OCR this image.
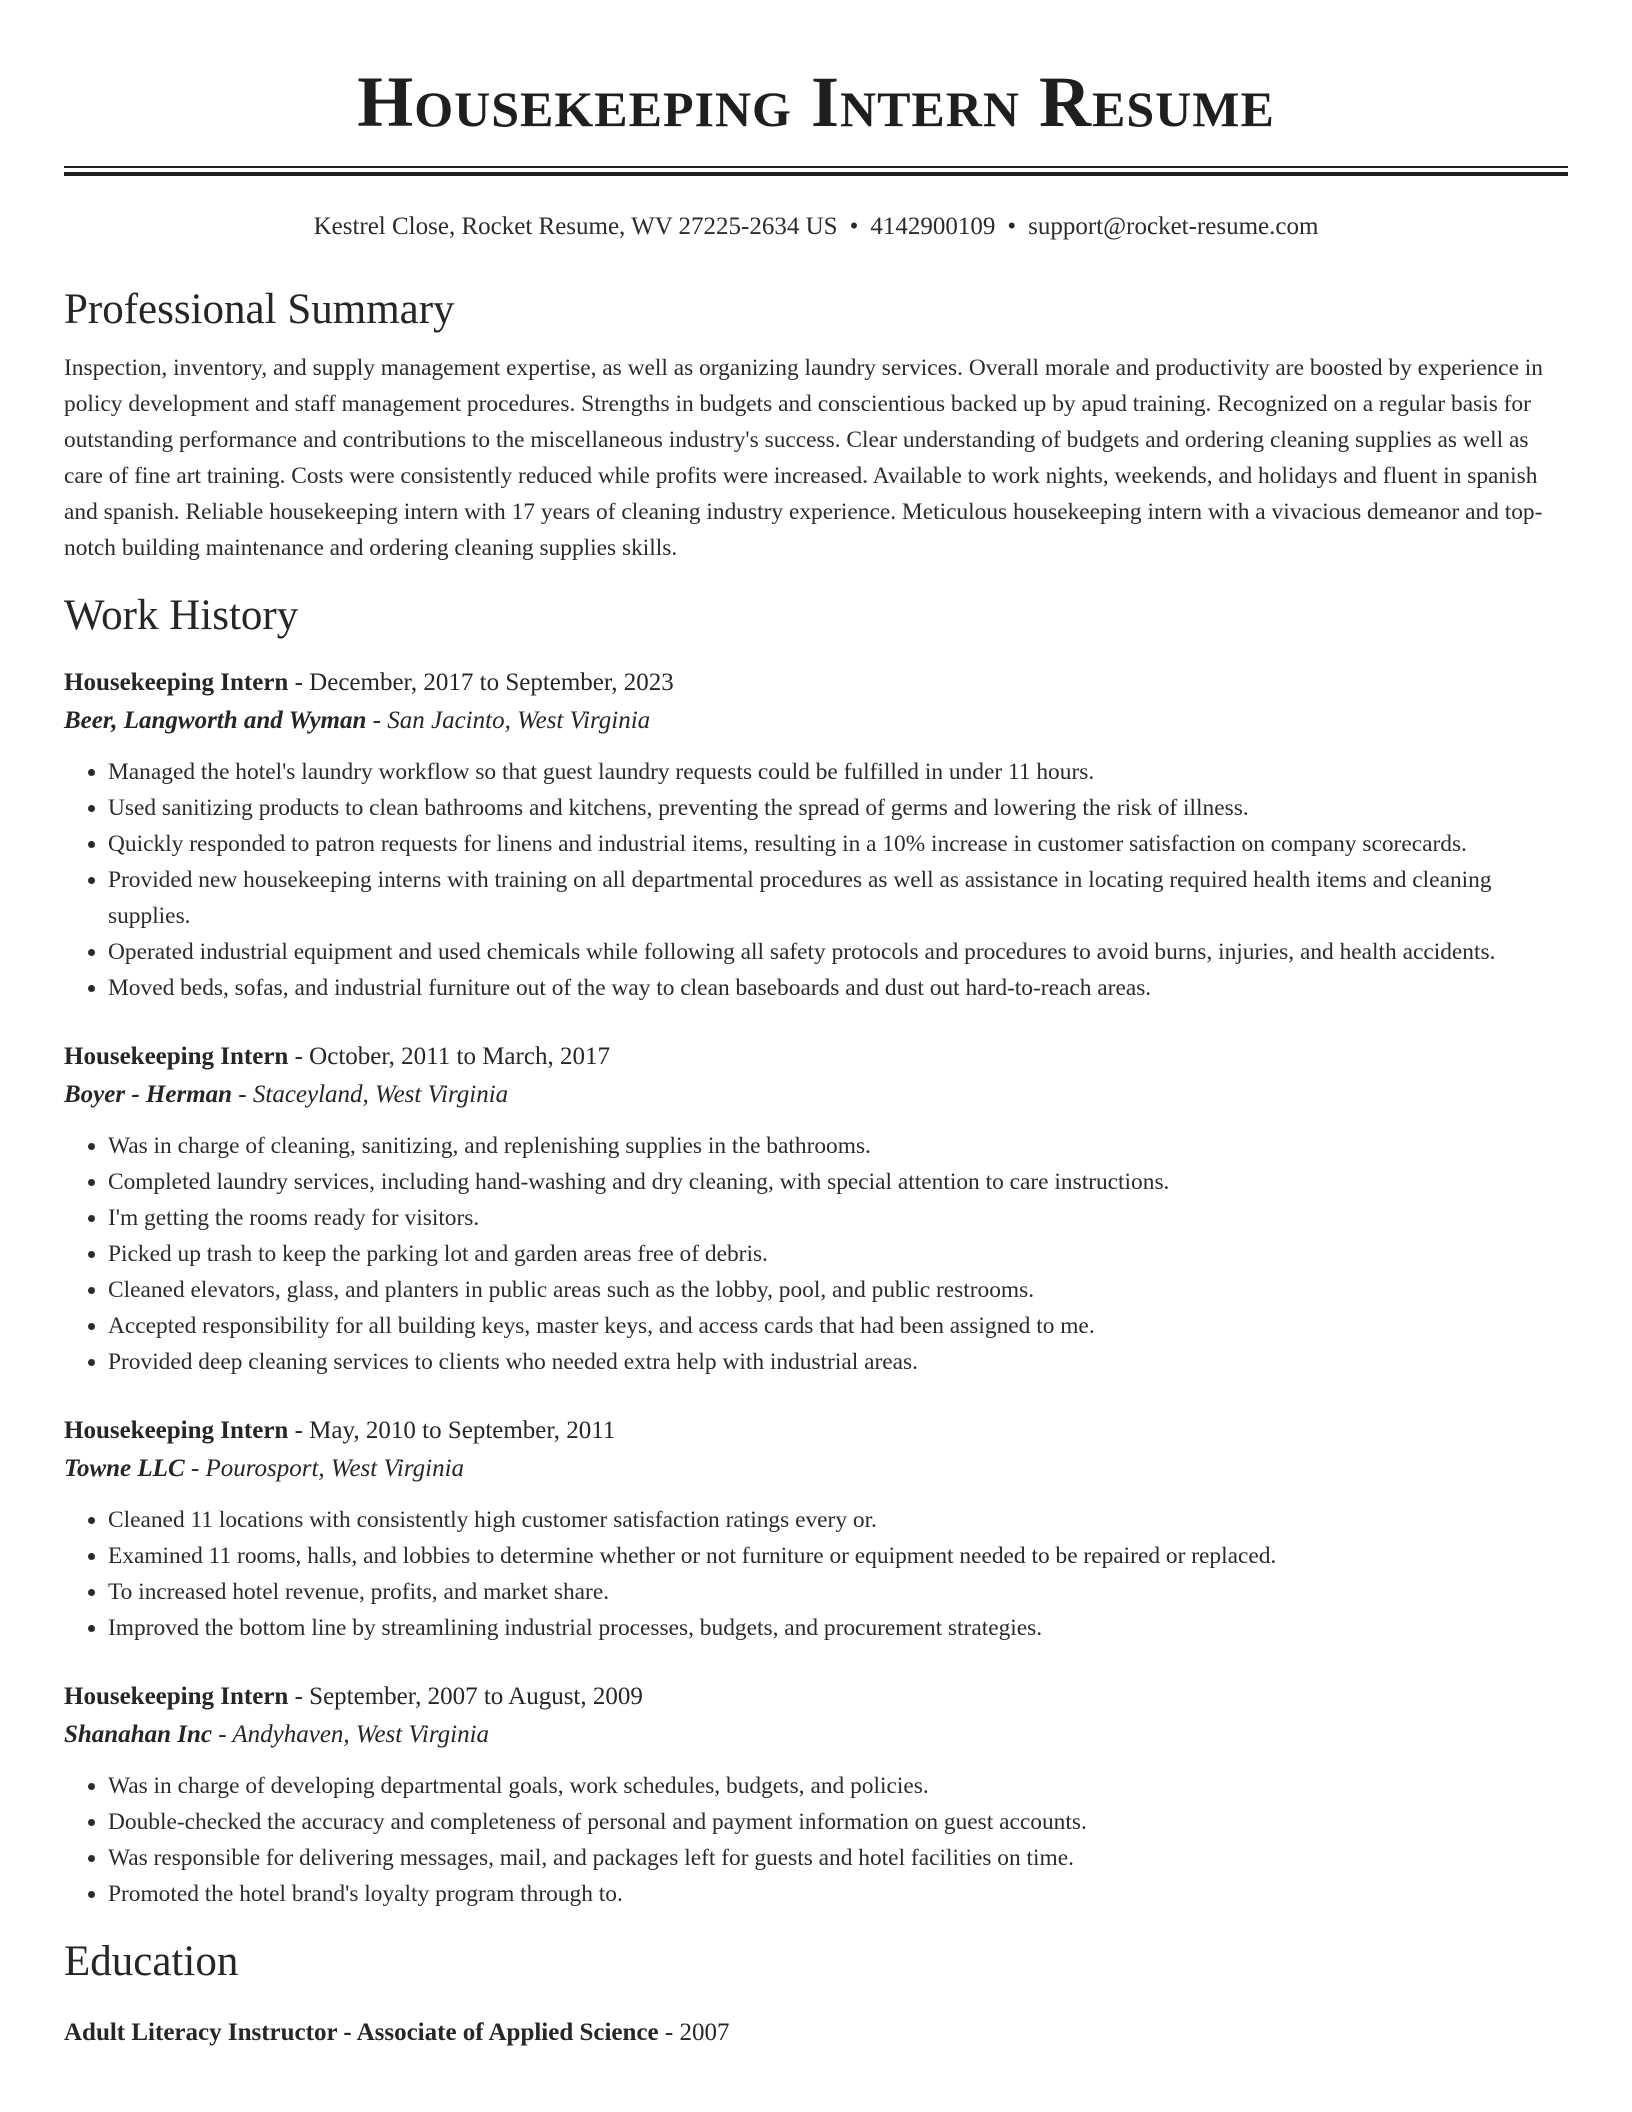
Housekeeping Intern Resume
Kestrel Close, Rocket Resume, WV 27225-2634 US • 4142900109 • support@rocket-resume.com
Professional Summary
Inspection, inventory, and supply management expertise, as well as organizing laundry services. Overall morale and productivity are boosted by experience in policy development and staff management procedures. Strengths in budgets and conscientious backed up by apud training. Recognized on a regular basis for outstanding performance and contributions to the miscellaneous industry's success. Clear understanding of budgets and ordering cleaning supplies as well as care of fine art training. Costs were consistently reduced while profits were increased. Available to work nights, weekends, and holidays and fluent in spanish and spanish. Reliable housekeeping intern with 17 years of cleaning industry experience. Meticulous housekeeping intern with a vivacious demeanor and top-notch building maintenance and ordering cleaning supplies skills.
Work History
Housekeeping Intern - December, 2017 to September, 2023
Beer, Langworth and Wyman - San Jacinto, West Virginia
• Managed the hotel's laundry workflow so that guest laundry requests could be fulfilled in under 11 hours.
• Used sanitizing products to clean bathrooms and kitchens, preventing the spread of germs and lowering the risk of illness.
• Quickly responded to patron requests for linens and industrial items, resulting in a 10% increase in customer satisfaction on company scorecards.
• Provided new housekeeping interns with training on all departmental procedures as well as assistance in locating required health items and cleaning supplies.
• Operated industrial equipment and used chemicals while following all safety protocols and procedures to avoid burns, injuries, and health accidents.
• Moved beds, sofas, and industrial furniture out of the way to clean baseboards and dust out hard-to-reach areas.
Housekeeping Intern - October, 2011 to March, 2017
Boyer - Herman - Staceyland, West Virginia
• Was in charge of cleaning, sanitizing, and replenishing supplies in the bathrooms.
• Completed laundry services, including hand-washing and dry cleaning, with special attention to care instructions.
• I'm getting the rooms ready for visitors.
• Picked up trash to keep the parking lot and garden areas free of debris.
• Cleaned elevators, glass, and planters in public areas such as the lobby, pool, and public restrooms.
• Accepted responsibility for all building keys, master keys, and access cards that had been assigned to me.
• Provided deep cleaning services to clients who needed extra help with industrial areas.
Housekeeping Intern - May, 2010 to September, 2011
Towne LLC - Pourosport, West Virginia
• Cleaned 11 locations with consistently high customer satisfaction ratings every or.
• Examined 11 rooms, halls, and lobbies to determine whether or not furniture or equipment needed to be repaired or replaced.
• To increased hotel revenue, profits, and market share.
• Improved the bottom line by streamlining industrial processes, budgets, and procurement strategies.
Housekeeping Intern - September, 2007 to August, 2009
Shanahan Inc - Andyhaven, West Virginia
• Was in charge of developing departmental goals, work schedules, budgets, and policies.
• Double-checked the accuracy and completeness of personal and payment information on guest accounts.
• Was responsible for delivering messages, mail, and packages left for guests and hotel facilities on time.
• Promoted the hotel brand's loyalty program through to.
Education
Adult Literacy Instructor - Associate of Applied Science - 2007
